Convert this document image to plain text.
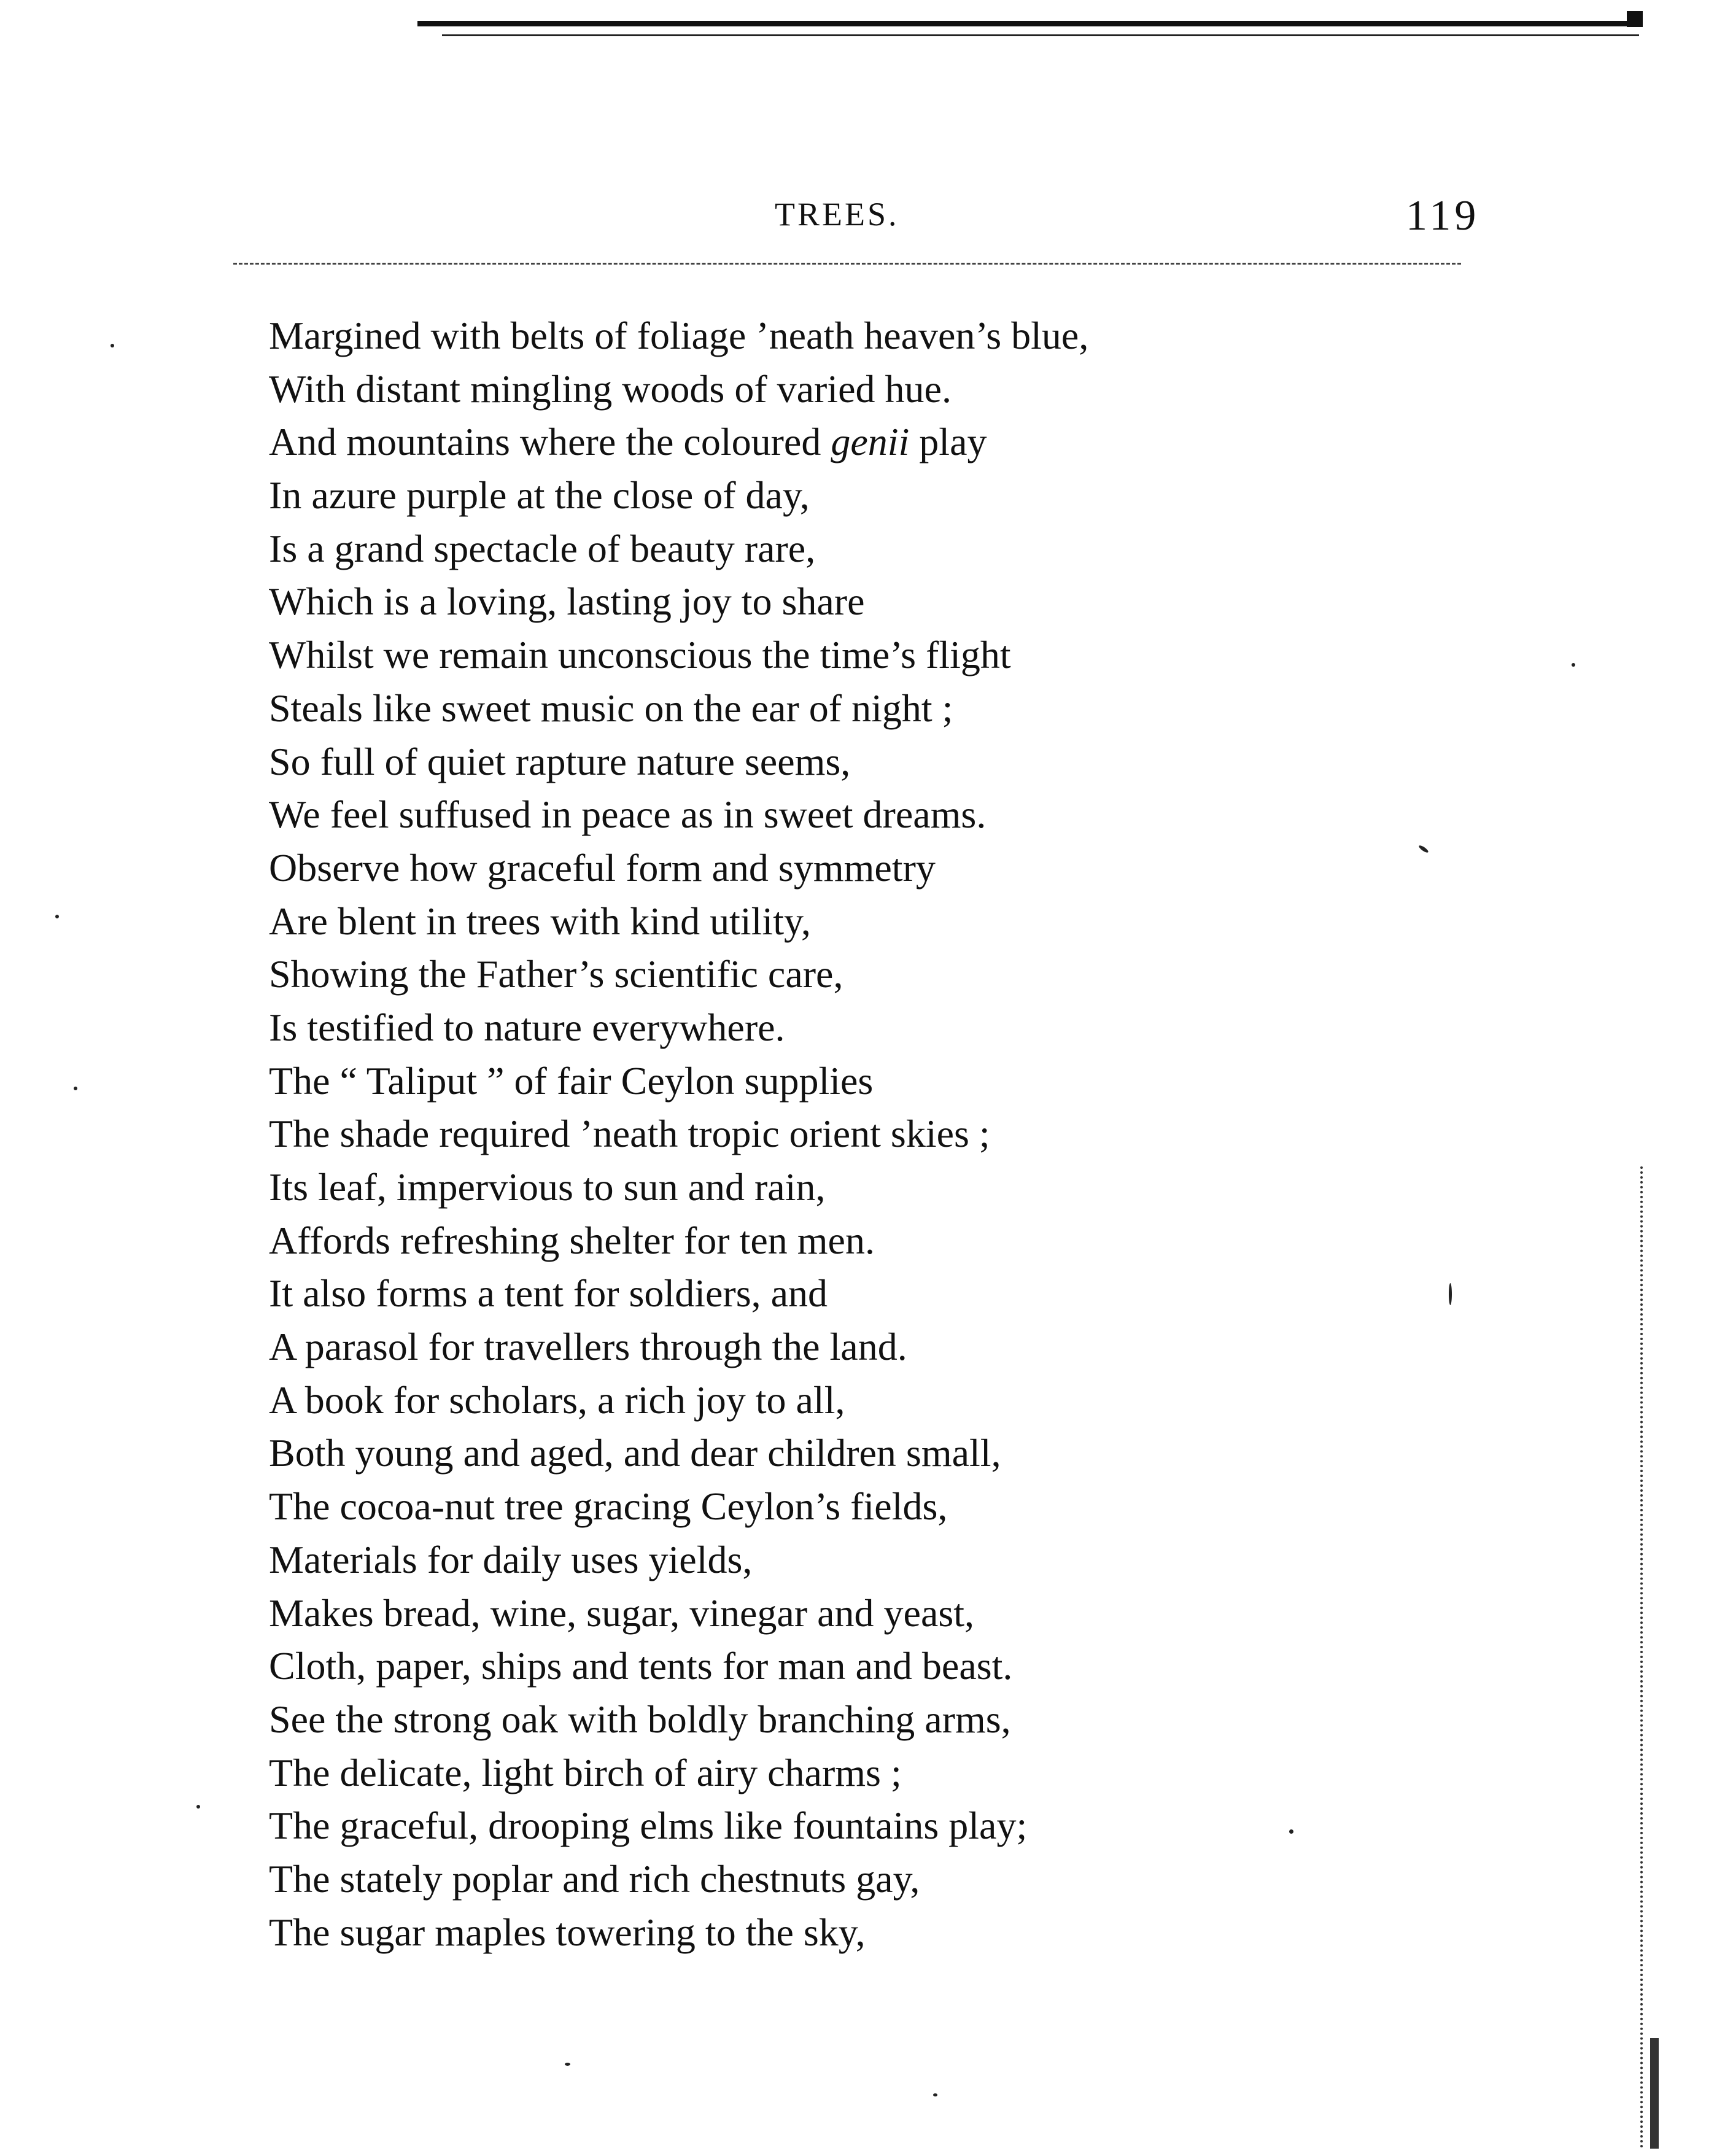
TREES.	119
Margined with belts of foliage ’neath heaven’s blue,
With distant mingling woods of varied hue.
And mountains where the coloured genii play
In azure purple at the close of day,
Is a grand spectacle of beauty rare,
Which is a loving, lasting joy to share
Whilst we remain unconscious the time’s flight
Steals like sweet music on the ear of night ;
So full of quiet rapture nature seems,
We feel suffused in peace as in sweet dreams.
Observe how graceful form and symmetry
Are blent in trees with kind utility,
Showing the Father’s scientific care,
Is testified to nature everywhere.
The “ Taliput ” of fair Ceylon supplies
The shade required ’neath tropic orient skies ;
Its leaf, impervious to sun and rain,
Affords refreshing shelter for ten men.
It also forms a tent for soldiers, and
A parasol for travellers through the land.
A book for scholars, a rich joy to all,
Both young and aged, and dear children small,
The cocoa-nut tree gracing Ceylon’s fields,
Materials for daily uses yields,
Makes bread, wine, sugar, vinegar and yeast,
Cloth, paper, ships and tents for man and beast.
See the strong oak with boldly branching arms,
The delicate, light birch of airy charms ;
The graceful, drooping elms like fountains play;
The stately poplar and rich chestnuts gay,
The sugar maples towering to the sky,
